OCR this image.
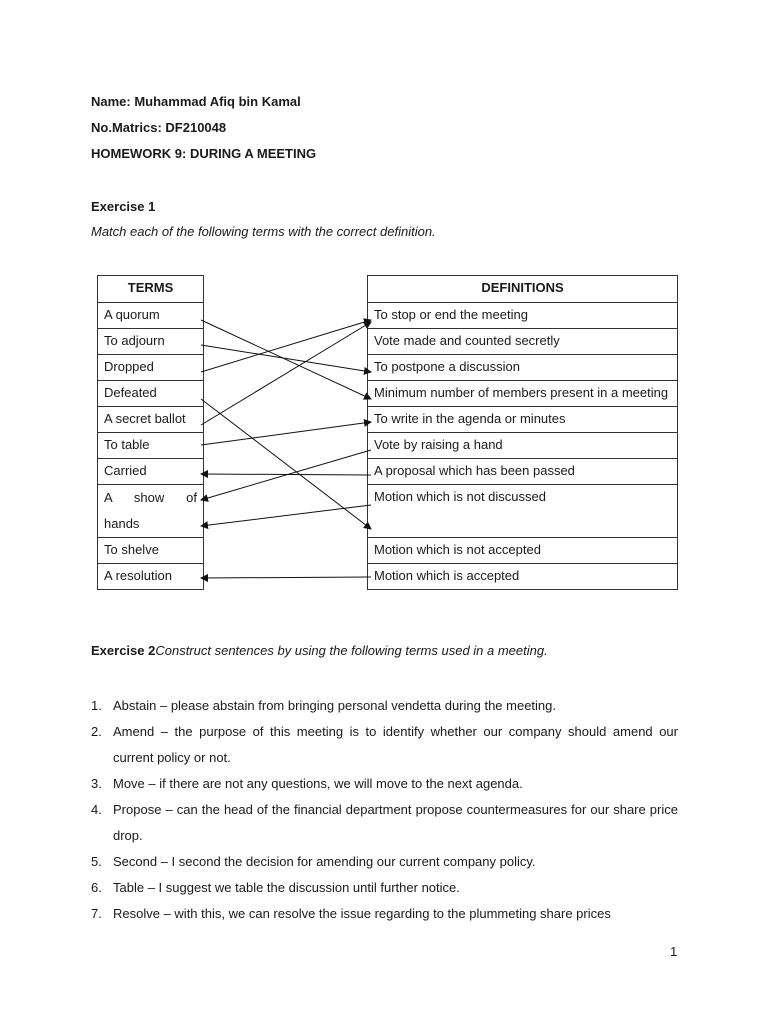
Name: Muhammad Afiq bin Kamal
No.Matrics: DF210048
HOMEWORK 9: DURING A MEETING
Exercise 1
Match each of the following terms with the correct definition.
TERMS
A quorum
To adjourn
Dropped
Defeated
A secret ballot
To table
Carried
A show of hands
To shelve
A resolution
DEFINITIONS
To stop or end the meeting
Vote made and counted secretly
To postpone a discussion
Minimum number of members present in a meeting
To write in the agenda or minutes
Vote by raising a hand
A proposal which has been passed
Motion which is not discussed
Motion which is not accepted
Motion which is accepted
Exercise 2Construct sentences by using the following terms used in a meeting.
1. Abstain – please abstain from bringing personal vendetta during the meeting.
2. Amend – the purpose of this meeting is to identify whether our company should amend our current policy or not.
3. Move – if there are not any questions, we will move to the next agenda.
4. Propose – can the head of the financial department propose countermeasures for our share price drop.
5. Second – I second the decision for amending our current company policy.
6. Table – I suggest we table the discussion until further notice.
7. Resolve – with this, we can resolve the issue regarding to the plummeting share prices
1
